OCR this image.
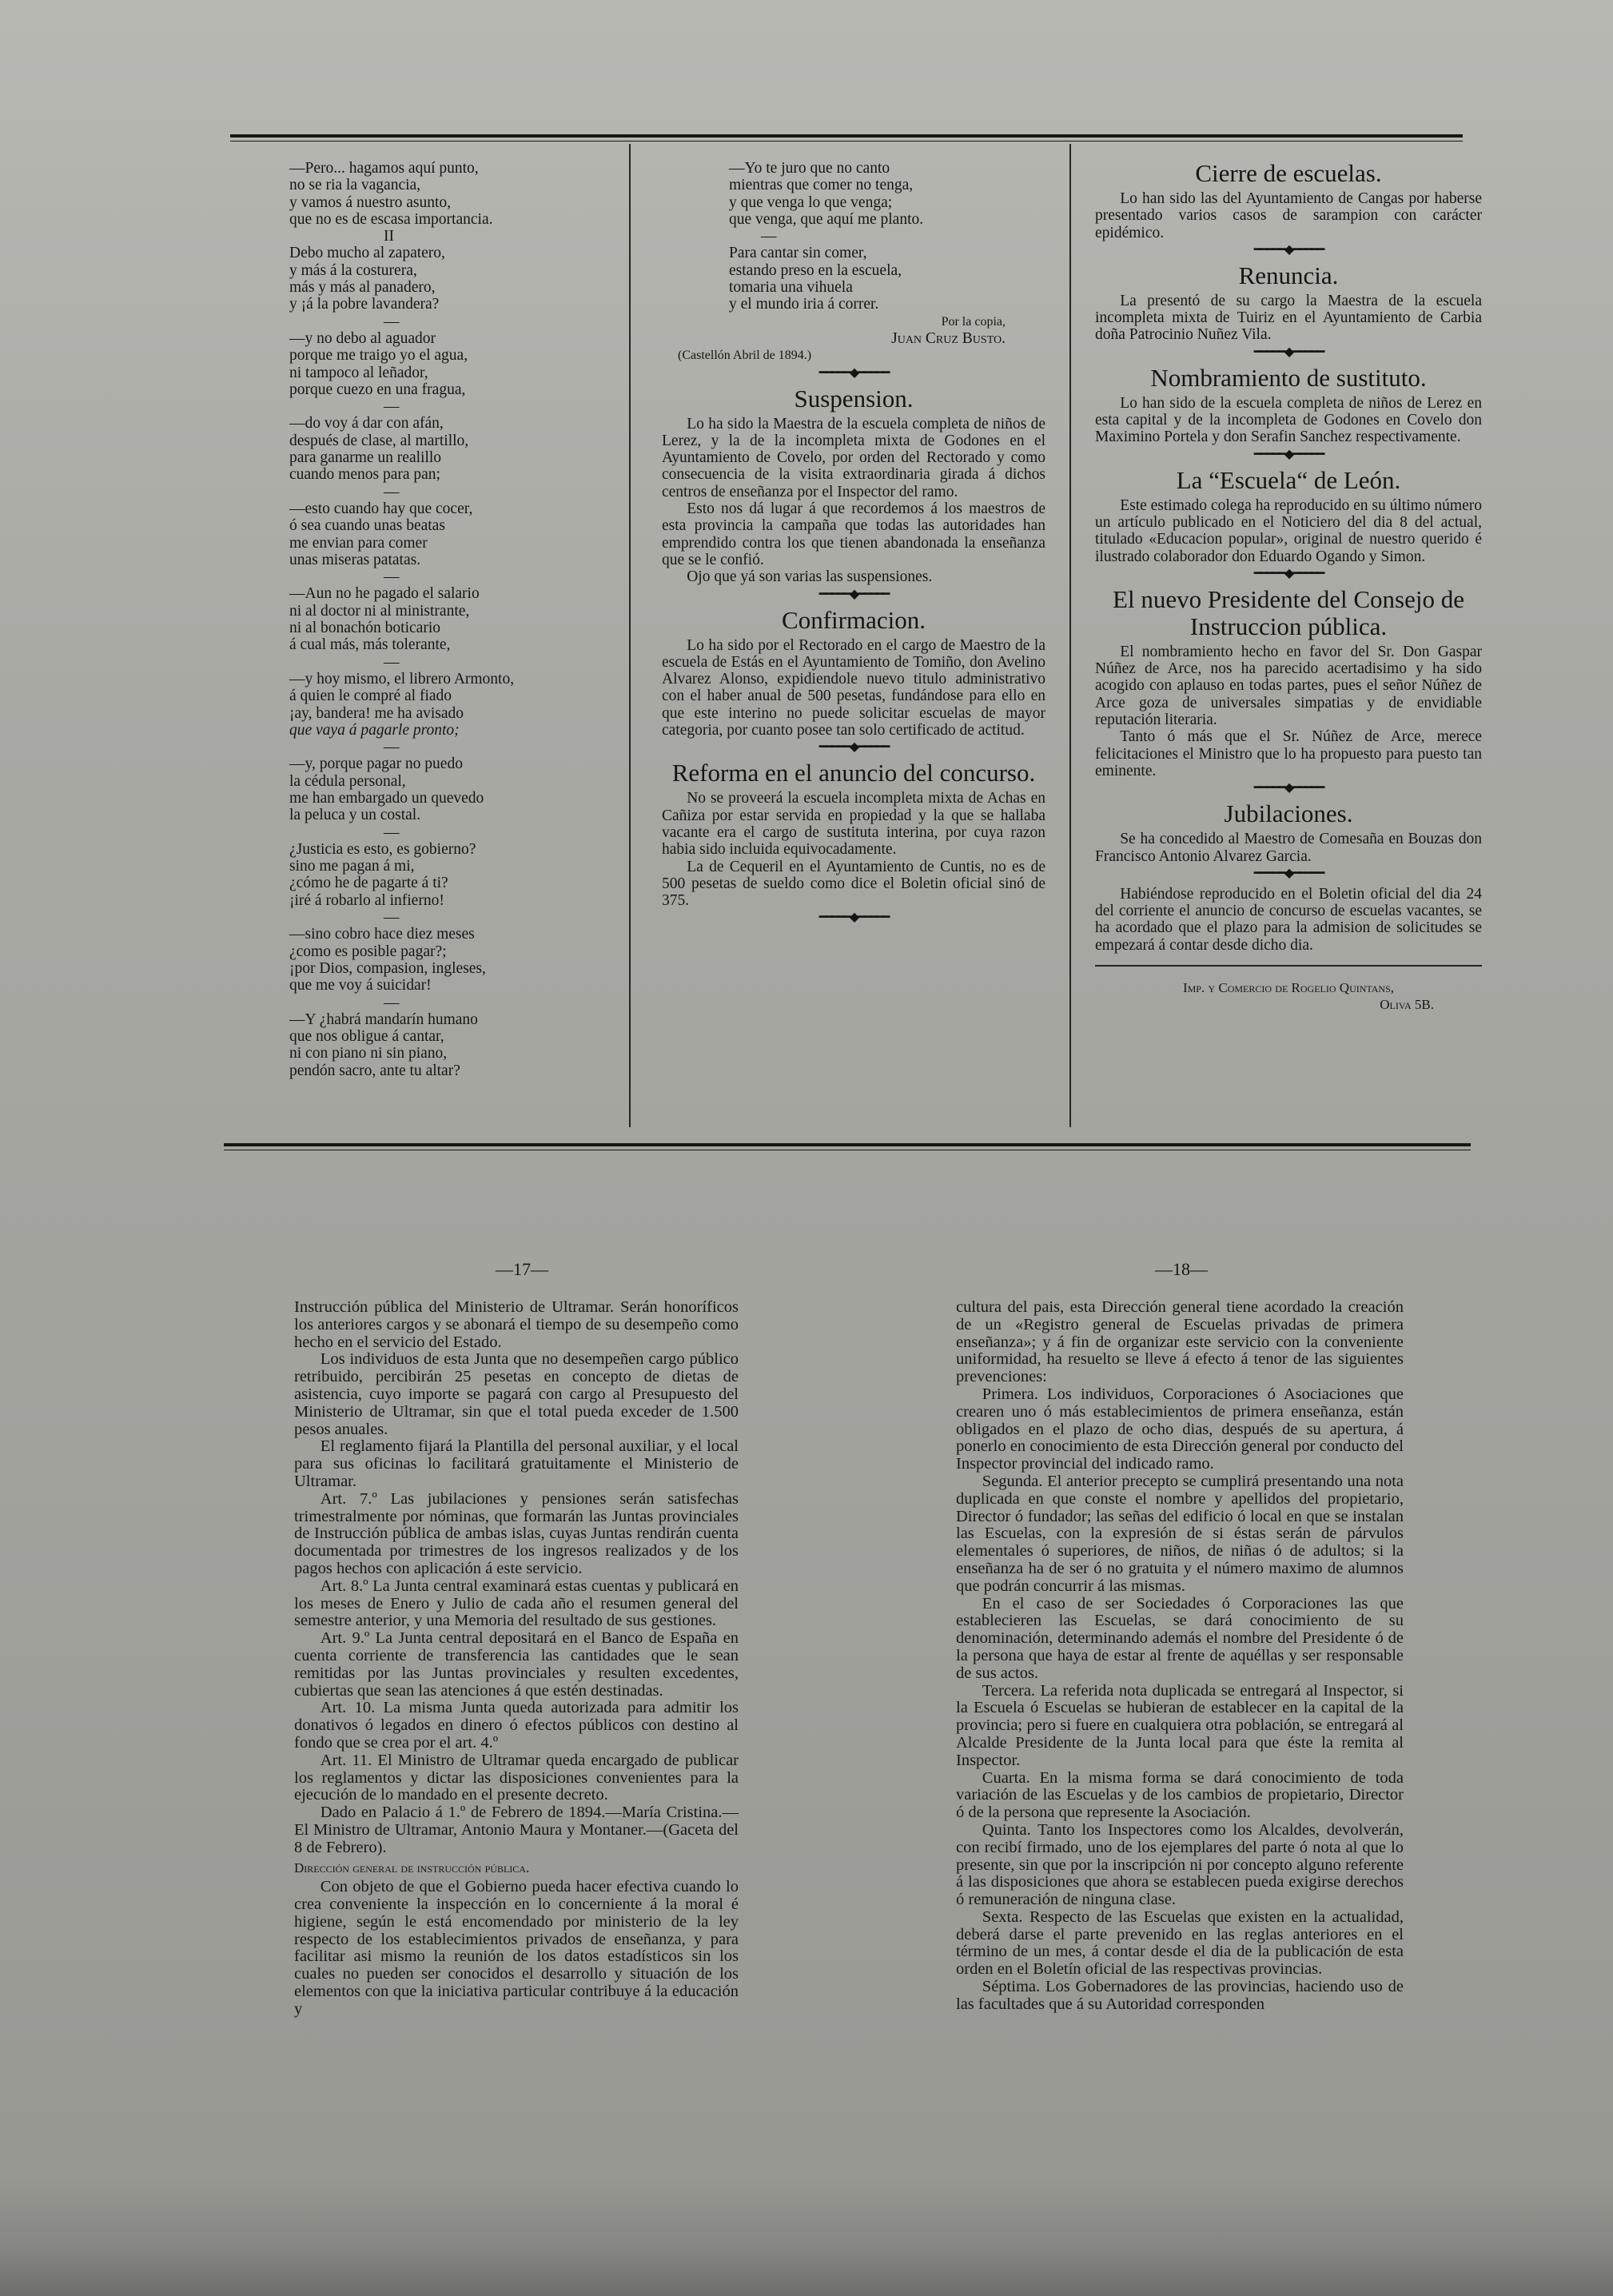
—Pero... hagamos aquí punto,
no se ria la vagancia,
y vamos á nuestro asunto,
que no es de escasa importancia.
II
Debo mucho al zapatero,
y más á la costurera,
más y más al panadero,
y ¡á la pobre lavandera?
—
—y no debo al aguador
porque me traigo yo el agua,
ni tampoco al leñador,
porque cuezo en una fragua,
—
—do voy á dar con afán,
después de clase, al martillo,
para ganarme un realillo
cuando menos para pan;
—
—esto cuando hay que cocer,
ó sea cuando unas beatas
me envian para comer
unas miseras patatas.
—
—Aun no he pagado el salario
ni al doctor ni al ministrante,
ni al bonachón boticario
á cual más, más tolerante,
—
—y hoy mismo, el librero Armonto,
á quien le compré al fiado
¡ay, bandera! me ha avisado
que vaya á pagarle pronto;
—
—y, porque pagar no puedo
la cédula personal,
me han embargado un quevedo
la peluca y un costal.
—
¿Justicia es esto, es gobierno?
sino me pagan á mi,
¿cómo he de pagarte á ti?
¡iré á robarlo al infierno!
—
—sino cobro hace diez meses
¿como es posible pagar?;
¡por Dios, compasion, ingleses,
que me voy á suicidar!
—
—Y ¿habrá mandarín humano
que nos obligue á cantar,
ni con piano ni sin piano,
pendón sacro, ante tu altar?
—Yo te juro que no canto
mientras que comer no tenga,
y que venga lo que venga;
que venga, que aquí me planto.
—
Para cantar sin comer,
estando preso en la escuela,
tomaria una vihuela
y el mundo iria á correr.
Por la copia,
Juan Cruz Busto.
(Castellón Abril de 1894.)
━━━━━◆━━━━━
Suspension.

Lo ha sido la Maestra de la escuela completa de niños de Lerez, y la de la incompleta mixta de Godones en el Ayuntamiento de Covelo, por orden del Rectorado y como consecuencia de la visita extraordinaria girada á dichos centros de enseñanza por el Inspector del ramo.

Esto nos dá lugar á que recordemos á los maestros de esta provincia la campaña que todas las autoridades han emprendido contra los que tienen abandonada la enseñanza que se le confió.

Ojo que yá son varias las suspensiones.

━━━━━◆━━━━━
Confirmacion.

Lo ha sido por el Rectorado en el cargo de Maestro de la escuela de Estás en el Ayuntamiento de Tomiño, don Avelino Alvarez Alonso, expidiendole nuevo titulo administrativo con el haber anual de 500 pesetas, fundándose para ello en que este interino no puede solicitar escuelas de mayor categoria, por cuanto posee tan solo certificado de actitud.

━━━━━◆━━━━━
Reforma en el anuncio del concurso.

No se proveerá la escuela incompleta mixta de Achas en Cañiza por estar servida en propiedad y la que se hallaba vacante era el cargo de sustituta interina, por cuya razon habia sido incluida equivocadamente.

La de Cequeril en el Ayuntamiento de Cuntis, no es de 500 pesetas de sueldo como dice el Boletin oficial sinó de 375.

━━━━━◆━━━━━
Cierre de escuelas.

Lo han sido las del Ayuntamiento de Cangas por haberse presentado varios casos de sarampion con carácter epidémico.

━━━━━◆━━━━━
Renuncia.

La presentó de su cargo la Maestra de la escuela incompleta mixta de Tuiriz en el Ayuntamiento de Carbia doña Patrocinio Nuñez Vila.

━━━━━◆━━━━━
Nombramiento de sustituto.

Lo han sido de la escuela completa de niños de Lerez en esta capital y de la incompleta de Godones en Covelo don Maximino Portela y don Serafin Sanchez respectivamente.

━━━━━◆━━━━━
La “Escuela“ de León.

Este estimado colega ha reproducido en su último número un artículo publicado en el Noticiero del dia 8 del actual, titulado «Educacion popular», original de nuestro querido é ilustrado colaborador don Eduardo Ogando y Simon.

━━━━━◆━━━━━
El nuevo Presidente del Consejo de Instruccion pública.

El nombramiento hecho en favor del Sr. Don Gaspar Núñez de Arce, nos ha parecido acertadisimo y ha sido acogido con aplauso en todas partes, pues el señor Núñez de Arce goza de universales simpatias y de envidiable reputación literaria.

Tanto ó más que el Sr. Núñez de Arce, merece felicitaciones el Ministro que lo ha propuesto para puesto tan eminente.

━━━━━◆━━━━━
Jubilaciones.

Se ha concedido al Maestro de Comesaña en Bouzas don Francisco Antonio Alvarez Garcia.

━━━━━◆━━━━━

Habiéndose reproducido en el Boletin oficial del dia 24 del corriente el anuncio de concurso de escuelas vacantes, se ha acordado que el plazo para la admision de solicitudes se empezará á contar desde dicho dia.

Imp. y Comercio de Rogelio Quintans,
Oliva 5B.
—17—	—18—

Instrucción pública del Ministerio de Ultramar. Serán honoríficos los anteriores cargos y se abonará el tiempo de su desempeño como hecho en el servicio del Estado.

Los individuos de esta Junta que no desempeñen cargo público retribuido, percibirán 25 pesetas en concepto de dietas de asistencia, cuyo importe se pagará con cargo al Presupuesto del Ministerio de Ultramar, sin que el total pueda exceder de 1.500 pesos anuales.

El reglamento fijará la Plantilla del personal auxiliar, y el local para sus oficinas lo facilitará gratuitamente el Ministerio de Ultramar.

Art. 7.º Las jubilaciones y pensiones serán satisfechas trimestralmente por nóminas, que formarán las Juntas provinciales de Instrucción pública de ambas islas, cuyas Juntas rendirán cuenta documentada por trimestres de los ingresos realizados y de los pagos hechos con aplicación á este servicio.

Art. 8.º La Junta central examinará estas cuentas y publicará en los meses de Enero y Julio de cada año el resumen general del semestre anterior, y una Memoria del resultado de sus gestiones.

Art. 9.º La Junta central depositará en el Banco de España en cuenta corriente de transferencia las cantidades que le sean remitidas por las Juntas provinciales y resulten excedentes, cubiertas que sean las atenciones á que estén destinadas.

Art. 10. La misma Junta queda autorizada para admitir los donativos ó legados en dinero ó efectos públicos con destino al fondo que se crea por el art. 4.º

Art. 11. El Ministro de Ultramar queda encargado de publicar los reglamentos y dictar las disposiciones convenientes para la ejecución de lo mandado en el presente decreto.

Dado en Palacio á 1.º de Febrero de 1894.—María Cristina.—El Ministro de Ultramar, Antonio Maura y Montaner.—(Gaceta del 8 de Febrero).

Dirección general de instrucción pública.

Con objeto de que el Gobierno pueda hacer efectiva cuando lo crea conveniente la inspección en lo concerniente á la moral é higiene, según le está encomendado por ministerio de la ley respecto de los establecimientos privados de enseñanza, y para facilitar asi mismo la reunión de los datos estadísticos sin los cuales no pueden ser conocidos el desarrollo y situación de los elementos con que la iniciativa particular contribuye á la educación y

cultura del pais, esta Dirección general tiene acordado la creación de un «Registro general de Escuelas privadas de primera enseñanza»; y á fin de organizar este servicio con la conveniente uniformidad, ha resuelto se lleve á efecto á tenor de las siguientes prevenciones:

Primera. Los individuos, Corporaciones ó Asociaciones que crearen uno ó más establecimientos de primera enseñanza, están obligados en el plazo de ocho dias, después de su apertura, á ponerlo en conocimiento de esta Dirección general por conducto del Inspector provincial del indicado ramo.

Segunda. El anterior precepto se cumplirá presentando una nota duplicada en que conste el nombre y apellidos del propietario, Director ó fundador; las señas del edificio ó local en que se instalan las Escuelas, con la expresión de si éstas serán de párvulos elementales ó superiores, de niños, de niñas ó de adultos; si la enseñanza ha de ser ó no gratuita y el número maximo de alumnos que podrán concurrir á las mismas.

En el caso de ser Sociedades ó Corporaciones las que establecieren las Escuelas, se dará conocimiento de su denominación, determinando además el nombre del Presidente ó de la persona que haya de estar al frente de aquéllas y ser responsable de sus actos.

Tercera. La referida nota duplicada se entregará al Inspector, si la Escuela ó Escuelas se hubieran de establecer en la capital de la provincia; pero si fuere en cualquiera otra población, se entregará al Alcalde Presidente de la Junta local para que éste la remita al Inspector.

Cuarta. En la misma forma se dará conocimiento de toda variación de las Escuelas y de los cambios de propietario, Director ó de la persona que represente la Asociación.

Quinta. Tanto los Inspectores como los Alcaldes, devolverán, con recibí firmado, uno de los ejemplares del parte ó nota al que lo presente, sin que por la inscripción ni por concepto alguno referente á las disposiciones que ahora se establecen pueda exigirse derechos ó remuneración de ninguna clase.

Sexta. Respecto de las Escuelas que existen en la actualidad, deberá darse el parte prevenido en las reglas anteriores en el término de un mes, á contar desde el dia de la publicación de esta orden en el Boletín oficial de las respectivas provincias.

Séptima. Los Gobernadores de las provincias, haciendo uso de las facultades que á su Autoridad corresponden
